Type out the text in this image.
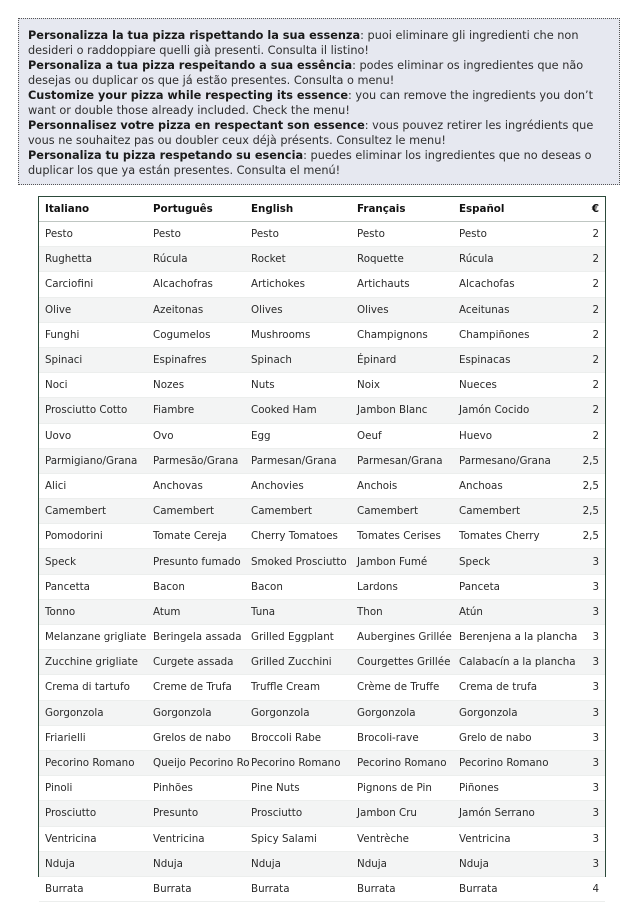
Personalizza la tua pizza rispettando la sua essenza: puoi eliminare gli ingredienti che non desideri o raddoppiare quelli già presenti. Consulta il listino!

Personaliza a tua pizza respeitando a sua essência: podes eliminar os ingredientes que não desejas ou duplicar os que já estão presentes. Consulta o menu!

Customize your pizza while respecting its essence: you can remove the ingredients you don’t want or double those already included. Check the menu!

Personnalisez votre pizza en respectant son essence: vous pouvez retirer les ingrédients que vous ne souhaitez pas ou doubler ceux déjà présents. Consultez le menu!

Personaliza tu pizza respetando su esencia: puedes eliminar los ingredientes que no deseas o duplicar los que ya están presentes. Consulta el menú!

Italiano	Português	English	Français	Español	€
Pesto	Pesto	Pesto	Pesto	Pesto	2
Rughetta	Rúcula	Rocket	Roquette	Rúcula	2
Carciofini	Alcachofras	Artichokes	Artichauts	Alcachofas	2
Olive	Azeitonas	Olives	Olives	Aceitunas	2
Funghi	Cogumelos	Mushrooms	Champignons	Champiñones	2
Spinaci	Espinafres	Spinach	Épinard	Espinacas	2
Noci	Nozes	Nuts	Noix	Nueces	2
Prosciutto Cotto	Fiambre	Cooked Ham	Jambon Blanc	Jamón Cocido	2
Uovo	Ovo	Egg	Oeuf	Huevo	2
Parmigiano/Grana	Parmesão/Grana	Parmesan/Grana	Parmesan/Grana	Parmesano/Grana	2,5
Alici	Anchovas	Anchovies	Anchois	Anchoas	2,5
Camembert	Camembert	Camembert	Camembert	Camembert	2,5
Pomodorini	Tomate Cereja	Cherry Tomatoes	Tomates Cerises	Tomates Cherry	2,5
Speck	Presunto fumado	Smoked Prosciutto	Jambon Fumé	Speck	3
Pancetta	Bacon	Bacon	Lardons	Panceta	3
Tonno	Atum	Tuna	Thon	Atún	3
Melanzane grigliate	Beringela assada	Grilled Eggplant	Aubergines Grillée	Berenjena a la plancha	3
Zucchine grigliate	Curgete assada	Grilled Zucchini	Courgettes Grillée	Calabacín a la plancha	3
Crema di tartufo	Creme de Trufa	Truffle Cream	Crème de Truffe	Crema de trufa	3
Gorgonzola	Gorgonzola	Gorgonzola	Gorgonzola	Gorgonzola	3
Friarielli	Grelos de nabo	Broccoli Rabe	Brocoli-rave	Grelo de nabo	3
Pecorino Romano	Queijo Pecorino Ro	Pecorino Romano	Pecorino Romano	Pecorino Romano	3
Pinoli	Pinhões	Pine Nuts	Pignons de Pin	Piñones	3
Prosciutto	Presunto	Prosciutto	Jambon Cru	Jamón Serrano	3
Ventricina	Ventricina	Spicy Salami	Ventrèche	Ventricina	3
Nduja	Nduja	Nduja	Nduja	Nduja	3
Burrata	Burrata	Burrata	Burrata	Burrata	4
